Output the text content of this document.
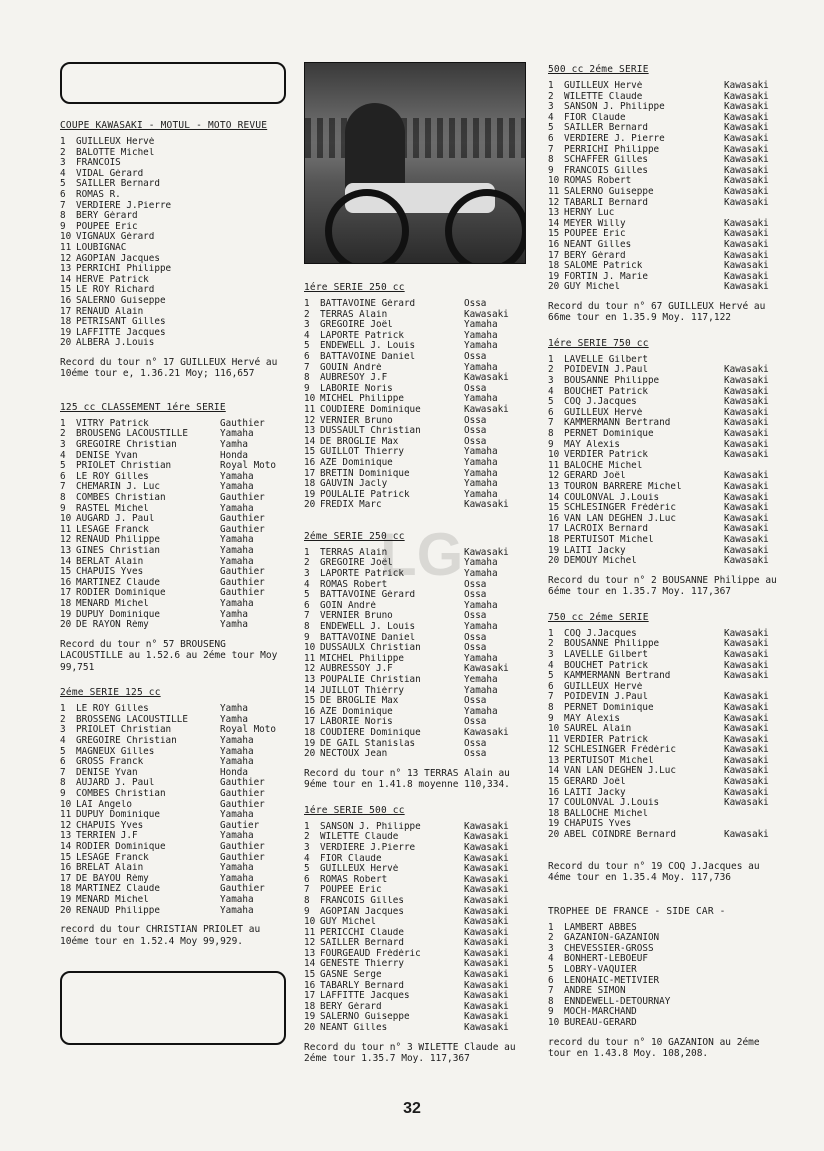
COUPE KAWASAKI - MOTUL - MOTO REVUE
1	GUILLEUX Hervé
2	BALOTTE Michel
3	FRANCOIS
4	VIDAL Gérard
5	SAILLER Bernard
6	ROMAS R.
7	VERDIERE J.Pierre
8	BERY Gérard
9	POUPEE Eric
10 VIGNAUX Gérard
11 LOUBIGNAC
12 AGOPIAN Jacques
13 PERRICHI Philippe
14 HERVE Patrick
15 LE ROY Richard
16 SALERNO Guiseppe
17 RENAUD Alain
18 PETRISANT Gilles
19 LAFFITTE Jacques
20 ALBERA J.Louis
Record du tour n° 17 GUILLEUX Hervé au 10éme tour e, 1.36.21 Moy; 116,657
125 cc CLASSEMENT 1ére SERIE
1	VITRY Patrick	Gauthier
2	BROUSENG LACOUSTILLE	Yamaha
3	GREGOIRE Christian	Yamha
4	DENISE Yvan	Honda
5	PRIOLET Christian	Royal Moto
6	LE ROY Gilles	Yamaha
7	CHEMARIN J. Luc	Yamaha
8	COMBES Christian	Gauthier
9	RASTEL Michel	Yamaha
10 AUGARD J. Paul	Gauthier
11 LESAGE Franck	Gauthier
12 RENAUD Philippe	Yamaha
13 GINES Christian	Yamaha
14 BERLAT Alain	Yamaha
15 CHAPUIS Yves	Gauthier
16 MARTINEZ Claude	Gauthier
17 RODIER Dominique	Gauthier
18 MENARD Michel	Yamaha
19 DUPUY Dominique	Yamha
20 DE RAYON Rémy	Yamha
Record du tour n° 57 BROUSENG LACOUSTILLE au 1.52.6 au 2éme tour Moy 99,751
2éme SERIE 125 cc
1	LE ROY Gilles	Yamha
2	BROSSENG LACOUSTILLE	Yamha
3	PRIOLET Christian	Royal Moto
4	GREGOIRE Christian	Yamaha
5	MAGNEUX Gilles	Yamaha
6	GROSS Franck	Yamaha
7	DENISE Yvan	Honda
8	AUJARD J. Paul	Gauthier
9	COMBES Christian	Gauthier
10 LAI Angelo	Gauthier
11 DUPUY Dominique	Yamaha
12 CHAPUIS Yves	Gautier
13 TERRIEN J.F	Yamaha
14 RODIER Dominique	Gauthier
15 LESAGE Franck	Gauthier
16 BRELAT Alain	Yamaha
17 DE BAYOU Rémy	Yamaha
18 MARTINEZ Claude	Gauthier
19 MENARD Michel	Yamaha
20 RENAUD Philippe	Yamaha
record du tour CHRISTIAN PRIOLET au 10éme tour en 1.52.4 Moy 99,929.
1ére SERIE 250 cc
1	BATTAVOINE Gérard	Ossa
2	TERRAS Alain	Kawasaki
3	GREGOIRE Joël	Yamaha
4	LAPORTE Patrick	Yamaha
5	ENDEWELL J. Louis	Yamaha
6	BATTAVOINE Daniel	Ossa
7	GOUIN André	Yamaha
8	AUBRESOY J.F	Kawasaki
9	LABORIE Noris	Ossa
10 MICHEL Philippe	Yamaha
11 COUDIERE Dominique	Kawasaki
12 VERNIER Bruno	Ossa
13 DUSSAULT Christian	Ossa
14 DE BROGLIE Max	Ossa
15 GUILLOT Thierry	Yamaha
16 AZE Dominique	Yamaha
17 BRETIN Dominique	Yamaha
18 GAUVIN Jacly	Yamaha
19 POULALIE Patrick	Yamaha
20 FREDIX Marc	Kawasaki
2éme SERIE 250 cc
1	TERRAS Alain	Kawasaki
2	GREGOIRE Joël	Yamaha
3	LAPORTE Patrick	Yamaha
4	ROMAS Robert	Ossa
5	BATTAVOINE Gérard	Ossa
6	GOIN André	Yamaha
7	VERNIER Bruno	Ossa
8	ENDEWELL J. Louis	Yamaha
9	BATTAVOINE Daniel	Ossa
10 DUSSAULX Christian	Ossa
11 MICHEL Philippe	Yamaha
12 AUBRESSOY J.F	Kawasaki
13 POUPALIE Christian	Yemaha
14 JUILLOT Thiérry	Yamaha
15 DE BROGLIE Max	Ossa
16 AZE Dominique	Yamaha
17 LABORIE Noris	Ossa
18 COUDIERE Dominique	Kawasaki
19 DE GAIL Stanislas	Ossa
20 NECTOUX Jean	Ossa
Record du tour n° 13 TERRAS Alain au 9éme tour en 1.41.8 moyenne 110,334.
1ére SERIE 500 cc
1	SANSON J. Philippe	Kawasaki
2	WILETTE Claude	Kawasaki
3	VERDIERE J.Pierre	Kawasaki
4	FIOR Claude	Kawasaki
5	GUILLEUX Hervé	Kawasaki
6	ROMAS Robert	Kawasaki
7	POUPEE Eric	Kawasaki
8	FRANCOIS Gilles	Kawasaki
9	AGOPIAN Jacques	Kawasaki
10 GUY Michel	Kawasaki
11 PERICCHI Claude	Kawasaki
12 SAILLER Bernard	Kawasaki
13 FOURGEAUD Frédéric	Kawasaki
14 GENESTE Thierry	Kawasaki
15 GASNE Serge	Kawasaki
16 TABARLY Bernard	Kawasaki
17 LAFFITTE Jacques	Kawasaki
18 BERY Gérard	Kawasaki
19 SALERNO Guiseppe	Kawasaki
20 NEANT Gilles	Kawasaki
Record du tour n° 3 WILETTE Claude au 2éme tour 1.35.7 Moy. 117,367
500 cc 2éme SERIE
1	GUILLEUX Hervé	Kawasaki
2	WILETTE Claude	Kawasaki
3	SANSON J. Philippe	Kawasaki
4	FIOR Claude	Kawasaki
5	SAILLER Bernard	Kawasaki
6	VERDIERE J. Pierre	Kawasaki
7	PERRICHI Philippe	Kawasaki
8	SCHAFFER Gilles	Kawasaki
9	FRANCOIS Gilles	Kawasaki
10 ROMAS Robert	Kawasaki
11 SALERNO Guiseppe	Kawasaki
12 TABARLI Bernard	Kawasaki
13 HERNY Luc
14 MEYER Willy	Kawasaki
15 POUPEE Eric	Kawasaki
16 NEANT Gilles	Kawasaki
17 BERY Gérard	Kawasaki
18 SALOME Patrick	Kawasaki
19 FORTIN J. Marie	Kawasaki
20 GUY Michel	Kawasaki
Record du tour n° 67 GUILLEUX Hervé au 66me tour en 1.35.9 Moy. 117,122
1ére SERIE 750 cc
1	LAVELLE Gilbert
2	POIDEVIN J.Paul	Kawasaki
3	BOUSANNE Philippe	Kawasaki
4	BOUCHET Patrick	Kawasaki
5	COQ J.Jacques	Kawasaki
6	GUILLEUX Hervé	Kawasaki
7	KAMMERMANN Bertrand	Kawasaki
8	PERNET Dominique	Kawasaki
9	MAY Alexis	Kawasaki
10 VERDIER Patrick	Kawasaki
11 BALOCHE Michel
12 GERARD Joël	Kawasaki
13 TOURON BARRERE Michel	Kawasaki
14 COULONVAL J.Louis	Kawasaki
15 SCHLESINGER Frédéric	Kawasaki
16 VAN LAN DEGHEN J.Luc	Kawasaki
17 LACROIX Bernard	Kawasaki
18 PERTUISOT Michel	Kawasaki
19 LAITI Jacky	Kawasaki
20 DEMOUY Michel	Kawasaki
Record du tour n° 2 BOUSANNE Philippe au 6éme tour en 1.35.7 Moy. 117,367
750 cc 2éme SERIE
1	COQ J.Jacques	Kawasaki
2	BOUSANNE Philippe	Kawasaki
3	LAVELLE Gilbert	Kawasaki
4	BOUCHET Patrick	Kawasaki
5	KAMMERMANN Bertrand	Kawasaki
6	GUILLEUX Hervé
7	POIDEVIN J.Paul	Kawasaki
8	PERNET Dominique	Kawasaki
9	MAY Alexis	Kawasaki
10 SAUREL Alain	Kawasaki
11 VERDIER Patrick	Kawasaki
12 SCHLESINGER Frédéric	Kawasaki
13 PERTUISOT Michel	Kawasaki
14 VAN LAN DEGHEN J.Luc	Kawasaki
15 GERARD Joël	Kawasaki
16 LAITI Jacky	Kawasaki
17 COULONVAL J.Louis	Kawasaki
18 BALLOCHE Michel
19 CHAPUIS Yves
20 ABEL COINDRE Bernard	Kawasaki
Record du tour n° 19 COQ J.Jacques au 4éme tour en 1.35.4 Moy. 117,736
TROPHEE DE FRANCE - SIDE CAR -
1	LAMBERT ABBES
2	GAZANION-GAZANION
3	CHEVESSIER-GROSS
4	BONHERT-LEBOEUF
5	LOBRY-VAQUIER
6	LENOHAIC-METIVIER
7	ANDRE SIMON
8	ENNDEWELL-DETOURNAY
9	MOCH-MARCHAND
10 BUREAU-GERARD
record du tour n° 10 GAZANION au 2éme tour en 1.43.8 Moy. 108,208.
LG
32
